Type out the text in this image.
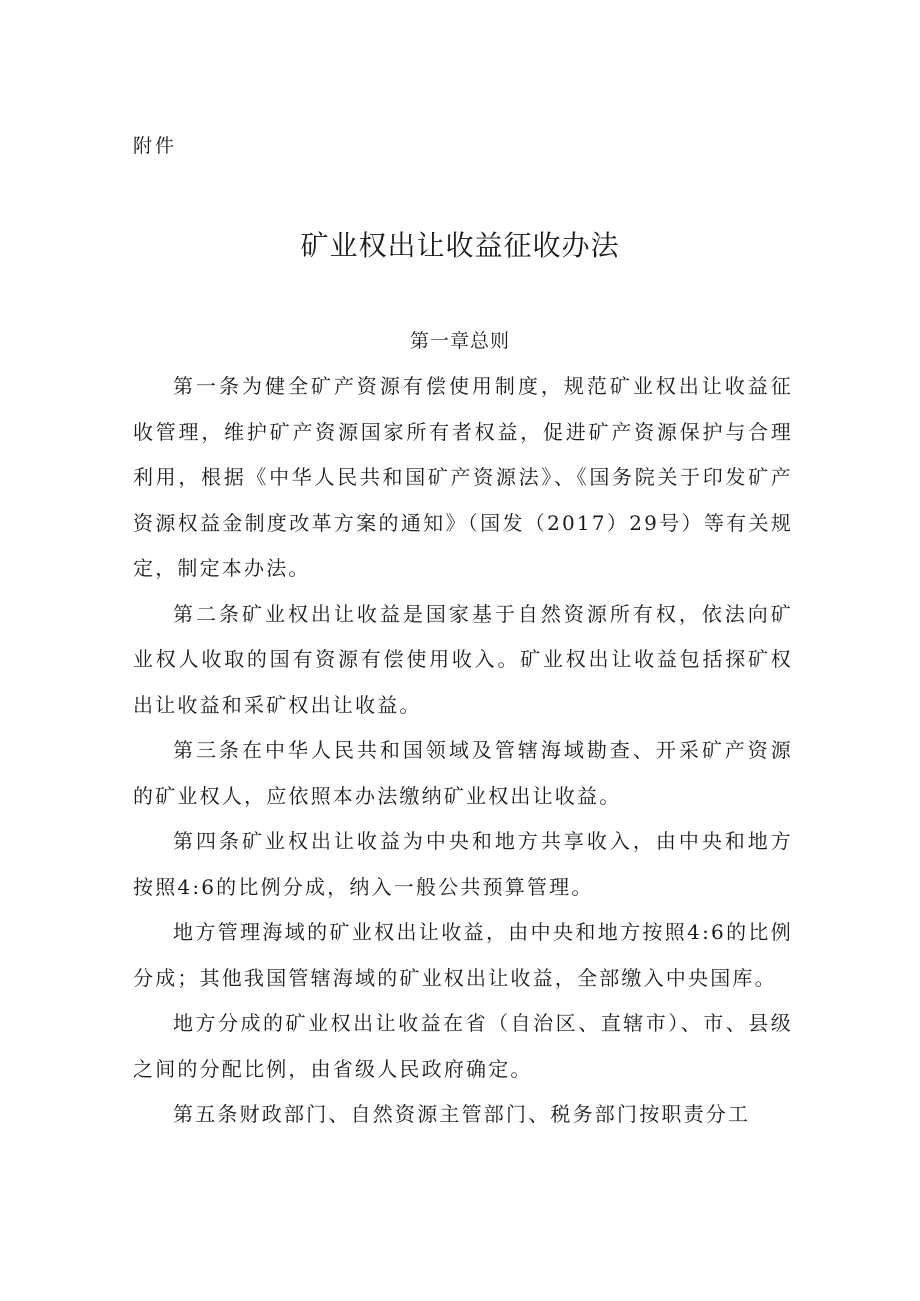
附件
矿业权出让收益征收办法
第一章总则

第一条为健全矿产资源有偿使用制度，规范矿业权出让收益征收管理，维护矿产资源国家所有者权益，促进矿产资源保护与合理利用，根据《中华人民共和国矿产资源法》、《国务院关于印发矿产资源权益金制度改革方案的通知》（国发（2017）29号）等有关规定，制定本办法。

第二条矿业权出让收益是国家基于自然资源所有权，依法向矿业权人收取的国有资源有偿使用收入。矿业权出让收益包括探矿权出让收益和采矿权出让收益。

第三条在中华人民共和国领域及管辖海域勘查、开采矿产资源的矿业权人，应依照本办法缴纳矿业权出让收益。

第四条矿业权出让收益为中央和地方共享收入，由中央和地方按照4:6的比例分成，纳入一般公共预算管理。

地方管理海域的矿业权出让收益，由中央和地方按照4:6的比例分成；其他我国管辖海域的矿业权出让收益，全部缴入中央国库。

地方分成的矿业权出让收益在省（自治区、直辖市）、市、县级之间的分配比例，由省级人民政府确定。

第五条财政部门、自然资源主管部门、税务部门按职责分工
